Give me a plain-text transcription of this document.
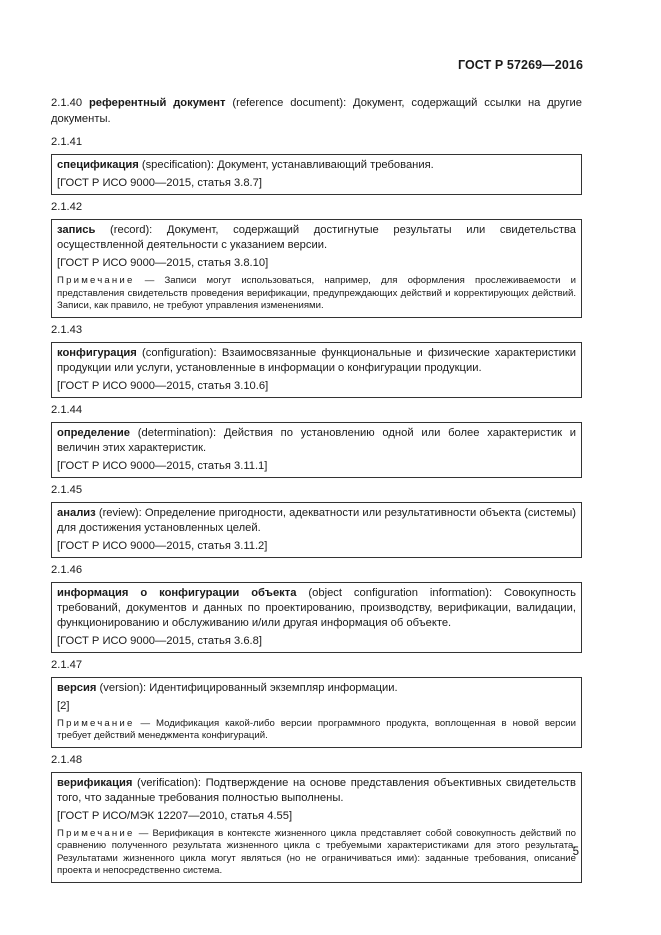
ГОСТ Р 57269—2016

2.1.40 референтный документ (reference document): Документ, содержащий ссылки на другие документы.

2.1.41

спецификация (specification): Документ, устанавливающий требования.

[ГОСТ Р ИСО 9000—2015, статья 3.8.7]

2.1.42

запись (record): Документ, содержащий достигнутые результаты или свидетельства осуществленной деятельности с указанием версии.

[ГОСТ Р ИСО 9000—2015, статья 3.8.10]

Примечание — Записи могут использоваться, например, для оформления прослеживаемости и представления свидетельств проведения верификации, предупреждающих действий и корректирующих действий. Записи, как правило, не требуют управления изменениями.

2.1.43

конфигурация (configuration): Взаимосвязанные функциональные и физические характеристики продукции или услуги, установленные в информации о конфигурации продукции.

[ГОСТ Р ИСО 9000—2015, статья 3.10.6]

2.1.44

определение (determination): Действия по установлению одной или более характеристик и величин этих характеристик.

[ГОСТ Р ИСО 9000—2015, статья 3.11.1]

2.1.45

анализ (review): Определение пригодности, адекватности или результативности объекта (системы) для достижения установленных целей.

[ГОСТ Р ИСО 9000—2015, статья 3.11.2]

2.1.46

информация о конфигурации объекта (object configuration information): Совокупность требований, документов и данных по проектированию, производству, верификации, валидации, функционированию и обслуживанию и/или другая информация об объекте.

[ГОСТ Р ИСО 9000—2015, статья 3.6.8]

2.1.47

версия (version): Идентифицированный экземпляр информации.

[2]

Примечание — Модификация какой-либо версии программного продукта, воплощенная в новой версии требует действий менеджмента конфигураций.

2.1.48

верификация (verification): Подтверждение на основе представления объективных свидетельств того, что заданные требования полностью выполнены.

[ГОСТ Р ИСО/МЭК 12207—2010, статья 4.55]

Примечание — Верификация в контексте жизненного цикла представляет собой совокупность действий по сравнению полученного результата жизненного цикла с требуемыми характеристиками для этого результата. Результатами жизненного цикла могут являться (но не ограничиваться ими): заданные требования, описание проекта и непосредственно система.

5
